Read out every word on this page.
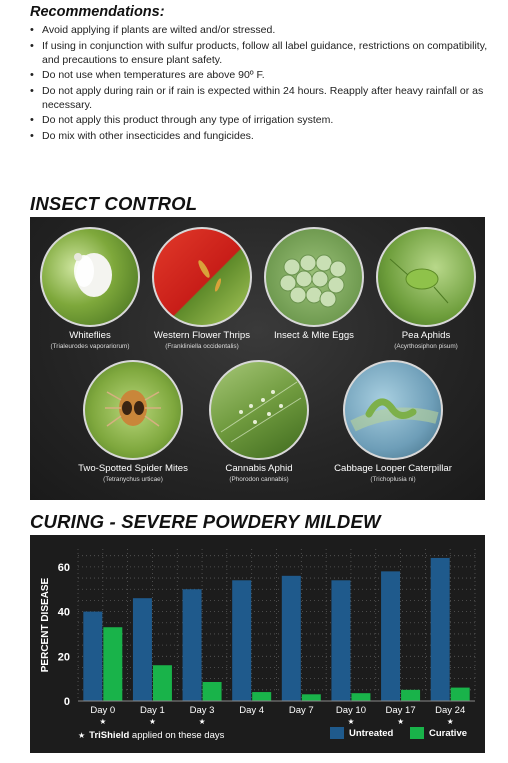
Recommendations:
• Avoid applying if plants are wilted and/or stressed.
• If using in conjunction with sulfur products, follow all label guidance, restrictions on compatibility, and precautions to ensure plant safety.
• Do not use when temperatures are above 90º F.
• Do not apply during rain or if rain is expected within 24 hours. Reapply after heavy rainfall or as necessary.
• Do not apply this product through any type of irrigation system.
• Do mix with other insecticides and fungicides.
INSECT CONTROL
Whiteflies
(Trialeurodes vaporariorum)
Western Flower Thrips
(Frankliniella occidentalis)
Insect & Mite Eggs	Pea Aphids
(Acyrthosiphon pisum)
Two-Spotted Spider Mites
(Tetranychus urticae)
Cannabis Aphid
(Phorodon cannabis)
Cabbage Looper Caterpillar
(Trichoplusia ni)
CURING - SEVERE POWDERY MILDEW
0
20
40
60
PERCENT DISEASE
Day 0
★
Day 1
★
Day 3
★
Day 4	Day 7 Day 10
★
Day 17
★
Day 24
★
★ TriShield applied on these days	Untreated	Curative
